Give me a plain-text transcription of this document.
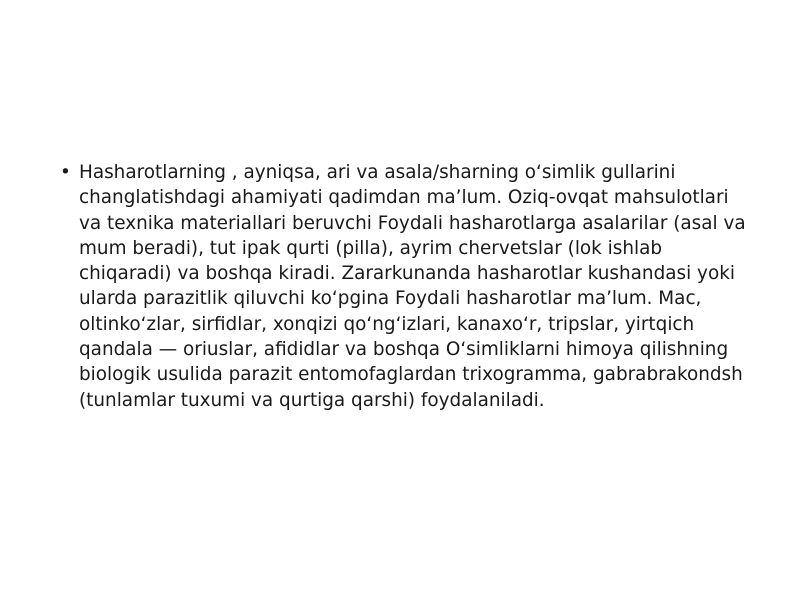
• Hasharotlarning , ayniqsa, ari va asala/sharning oʻsimlik gullarini changlatishdagi ahamiyati qadimdan ma’lum. Oziq-ovqat mahsulotlari va texnika materiallari beruvchi Foydali hasharotlarga asalarilar (asal va mum beradi), tut ipak qurti (pilla), ayrim chervetslar (lok ishlab chiqaradi) va boshqa kiradi. Zararkunanda hasharotlar kushandasi yoki ularda parazitlik qiluvchi koʻpgina Foydali hasharotlar ma’lum. Mac, oltinkoʻzlar, sirfidlar, xonqizi qoʻngʻizlari, kanaxoʻr, tripslar, yirtqich qandala — oriuslar, afididlar va boshqa Oʻsimliklarni himoya qilishning biologik usulida parazit entomofaglardan trixogramma, gabrabrakondsh (tunlamlar tuxumi va qurtiga qarshi) foydalaniladi.
